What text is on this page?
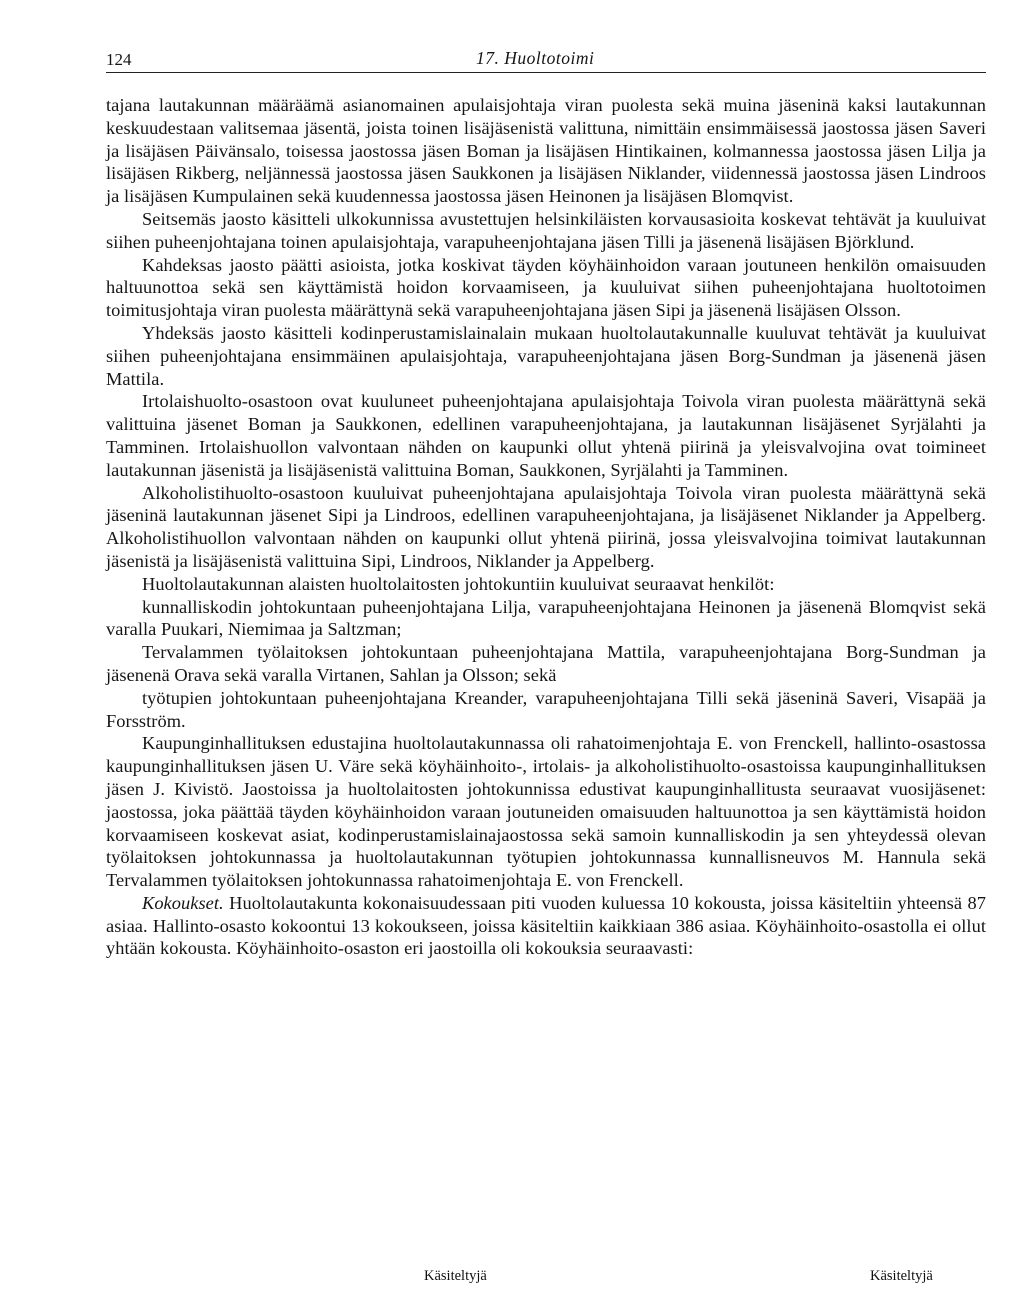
124	17. Huoltotoimi

tajana lautakunnan määräämä asianomainen apulaisjohtaja viran puolesta sekä muina jäseninä kaksi lautakunnan keskuudestaan valitsemaa jäsentä, joista toinen lisäjäsenistä valittuna, nimittäin ensimmäisessä jaostossa jäsen Saveri ja lisäjäsen Päivänsalo, toisessa jaostossa jäsen Boman ja lisäjäsen Hintikainen, kolmannessa jaostossa jäsen Lilja ja lisäjäsen Rikberg, neljännessä jaostossa jäsen Saukkonen ja lisäjäsen Niklander, viidennessä jaostossa jäsen Lindroos ja lisäjäsen Kumpulainen sekä kuudennessa jaostossa jäsen Heinonen ja lisäjäsen Blomqvist.

Seitsemäs jaosto käsitteli ulkokunnissa avustettujen helsinkiläisten korvausasioita koskevat tehtävät ja kuuluivat siihen puheenjohtajana toinen apulaisjohtaja, varapuheenjohtajana jäsen Tilli ja jäsenenä lisäjäsen Björklund.

Kahdeksas jaosto päätti asioista, jotka koskivat täyden köyhäinhoidon varaan joutuneen henkilön omaisuuden haltuunottoa sekä sen käyttämistä hoidon korvaamiseen, ja kuuluivat siihen puheenjohtajana huoltotoimen toimitusjohtaja viran puolesta määrättynä sekä varapuheenjohtajana jäsen Sipi ja jäsenenä lisäjäsen Olsson.

Yhdeksäs jaosto käsitteli kodinperustamislainalain mukaan huoltolautakunnalle kuuluvat tehtävät ja kuuluivat siihen puheenjohtajana ensimmäinen apulaisjohtaja, varapuheenjohtajana jäsen Borg-Sundman ja jäsenenä jäsen Mattila.

Irtolaishuolto-osastoon ovat kuuluneet puheenjohtajana apulaisjohtaja Toivola viran puolesta määrättynä sekä valittuina jäsenet Boman ja Saukkonen, edellinen varapuheenjohtajana, ja lautakunnan lisäjäsenet Syrjälahti ja Tamminen. Irtolaishuollon valvontaan nähden on kaupunki ollut yhtenä piirinä ja yleisvalvojina ovat toimineet lautakunnan jäsenistä ja lisäjäsenistä valittuina Boman, Saukkonen, Syrjälahti ja Tamminen.

Alkoholistihuolto-osastoon kuuluivat puheenjohtajana apulaisjohtaja Toivola viran puolesta määrättynä sekä jäseninä lautakunnan jäsenet Sipi ja Lindroos, edellinen varapuheenjohtajana, ja lisäjäsenet Niklander ja Appelberg. Alkoholistihuollon valvontaan nähden on kaupunki ollut yhtenä piirinä, jossa yleisvalvojina toimivat lautakunnan jäsenistä ja lisäjäsenistä valittuina Sipi, Lindroos, Niklander ja Appelberg.

Huoltolautakunnan alaisten huoltolaitosten johtokuntiin kuuluivat seuraavat henkilöt:

kunnalliskodin johtokuntaan puheenjohtajana Lilja, varapuheenjohtajana Heinonen ja jäsenenä Blomqvist sekä varalla Puukari, Niemimaa ja Saltzman;

Tervalammen työlaitoksen johtokuntaan puheenjohtajana Mattila, varapuheenjohtajana Borg-Sundman ja jäsenenä Orava sekä varalla Virtanen, Sahlan ja Olsson; sekä

työtupien johtokuntaan puheenjohtajana Kreander, varapuheenjohtajana Tilli sekä jäseninä Saveri, Visapää ja Forsström.

Kaupunginhallituksen edustajina huoltolautakunnassa oli rahatoimenjohtaja E. von Frenckell, hallinto-osastossa kaupunginhallituksen jäsen U. Väre sekä köyhäinhoito-, irtolais- ja alkoholistihuolto-osastoissa kaupunginhallituksen jäsen J. Kivistö. Jaostoissa ja huoltolaitosten johtokunnissa edustivat kaupunginhallitusta seuraavat vuosijäsenet: jaostossa, joka päättää täyden köyhäinhoidon varaan joutuneiden omaisuuden haltuunottoa ja sen käyttämistä hoidon korvaamiseen koskevat asiat, kodinperustamislainajaostossa sekä samoin kunnalliskodin ja sen yhteydessä olevan työlaitoksen johtokunnassa ja huoltolautakunnan työtupien johtokunnassa kunnallisneuvos M. Hannula sekä Tervalammen työlaitoksen johtokunnassa rahatoimenjohtaja E. von Frenckell.

Kokoukset. Huoltolautakunta kokonaisuudessaan piti vuoden kuluessa 10 kokousta, joissa käsiteltiin yhteensä 87 asiaa. Hallinto-osasto kokoontui 13 kokoukseen, joissa käsiteltiin kaikkiaan 386 asiaa. Köyhäinhoito-osastolla ei ollut yhtään kokousta. Köyhäinhoito-osaston eri jaostoilla oli kokouksia seuraavasti:

Käsiteltyjä	Käsiteltyjä
